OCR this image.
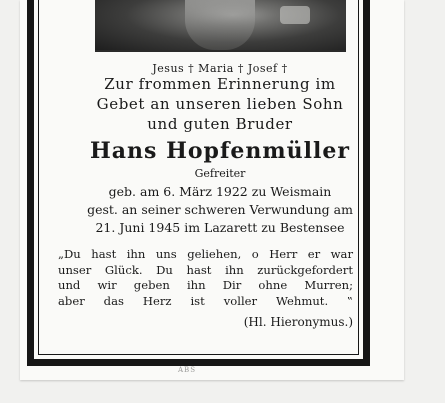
Jesus † Maria † Josef †
Zur frommen Erinnerung im
Gebet an unseren lieben Sohn
und guten Bruder
Hans Hopfenmüller
Gefreiter
geb. am 6. März 1922 zu Weismain
gest. an seiner schweren Verwundung am
21. Juni 1945 im Lazarett zu Bestensee
„Du hast ihn uns geliehen, o Herr er war
unser Glück. Du hast ihn zurückgefordert
und wir geben ihn Dir ohne Murren;
aber das Herz ist voller Wehmut. ‟
(Hl. Hieronymus.)
ABS
